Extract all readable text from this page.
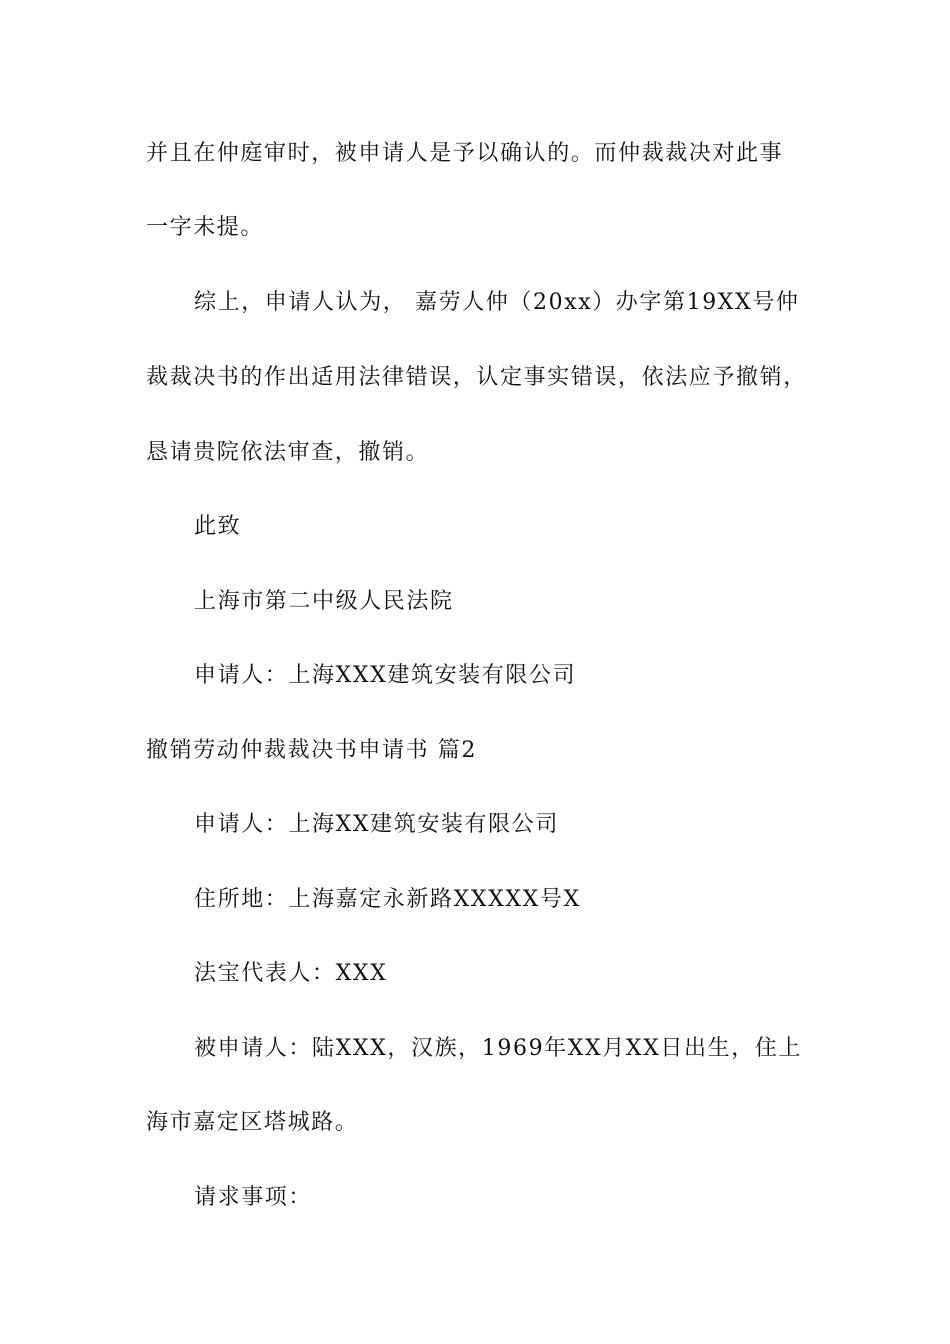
并且在仲庭审时，被申请人是予以确认的。而仲裁裁决对此事
一字未提。
综上，申请人认为， 嘉劳人仲（20xx）办字第19XX号仲
裁裁决书的作出适用法律错误，认定事实错误，依法应予撤销，
恳请贵院依法审查，撤销。
此致
上海市第二中级人民法院
申请人：上海XXX建筑安装有限公司
撤销劳动仲裁裁决书申请书 篇2
申请人：上海XX建筑安装有限公司
住所地：上海嘉定永新路XXXXX号X
法宝代表人：XXX
被申请人：陆XXX，汉族，1969年XX月XX日出生，住上
海市嘉定区塔城路。
请求事项：
